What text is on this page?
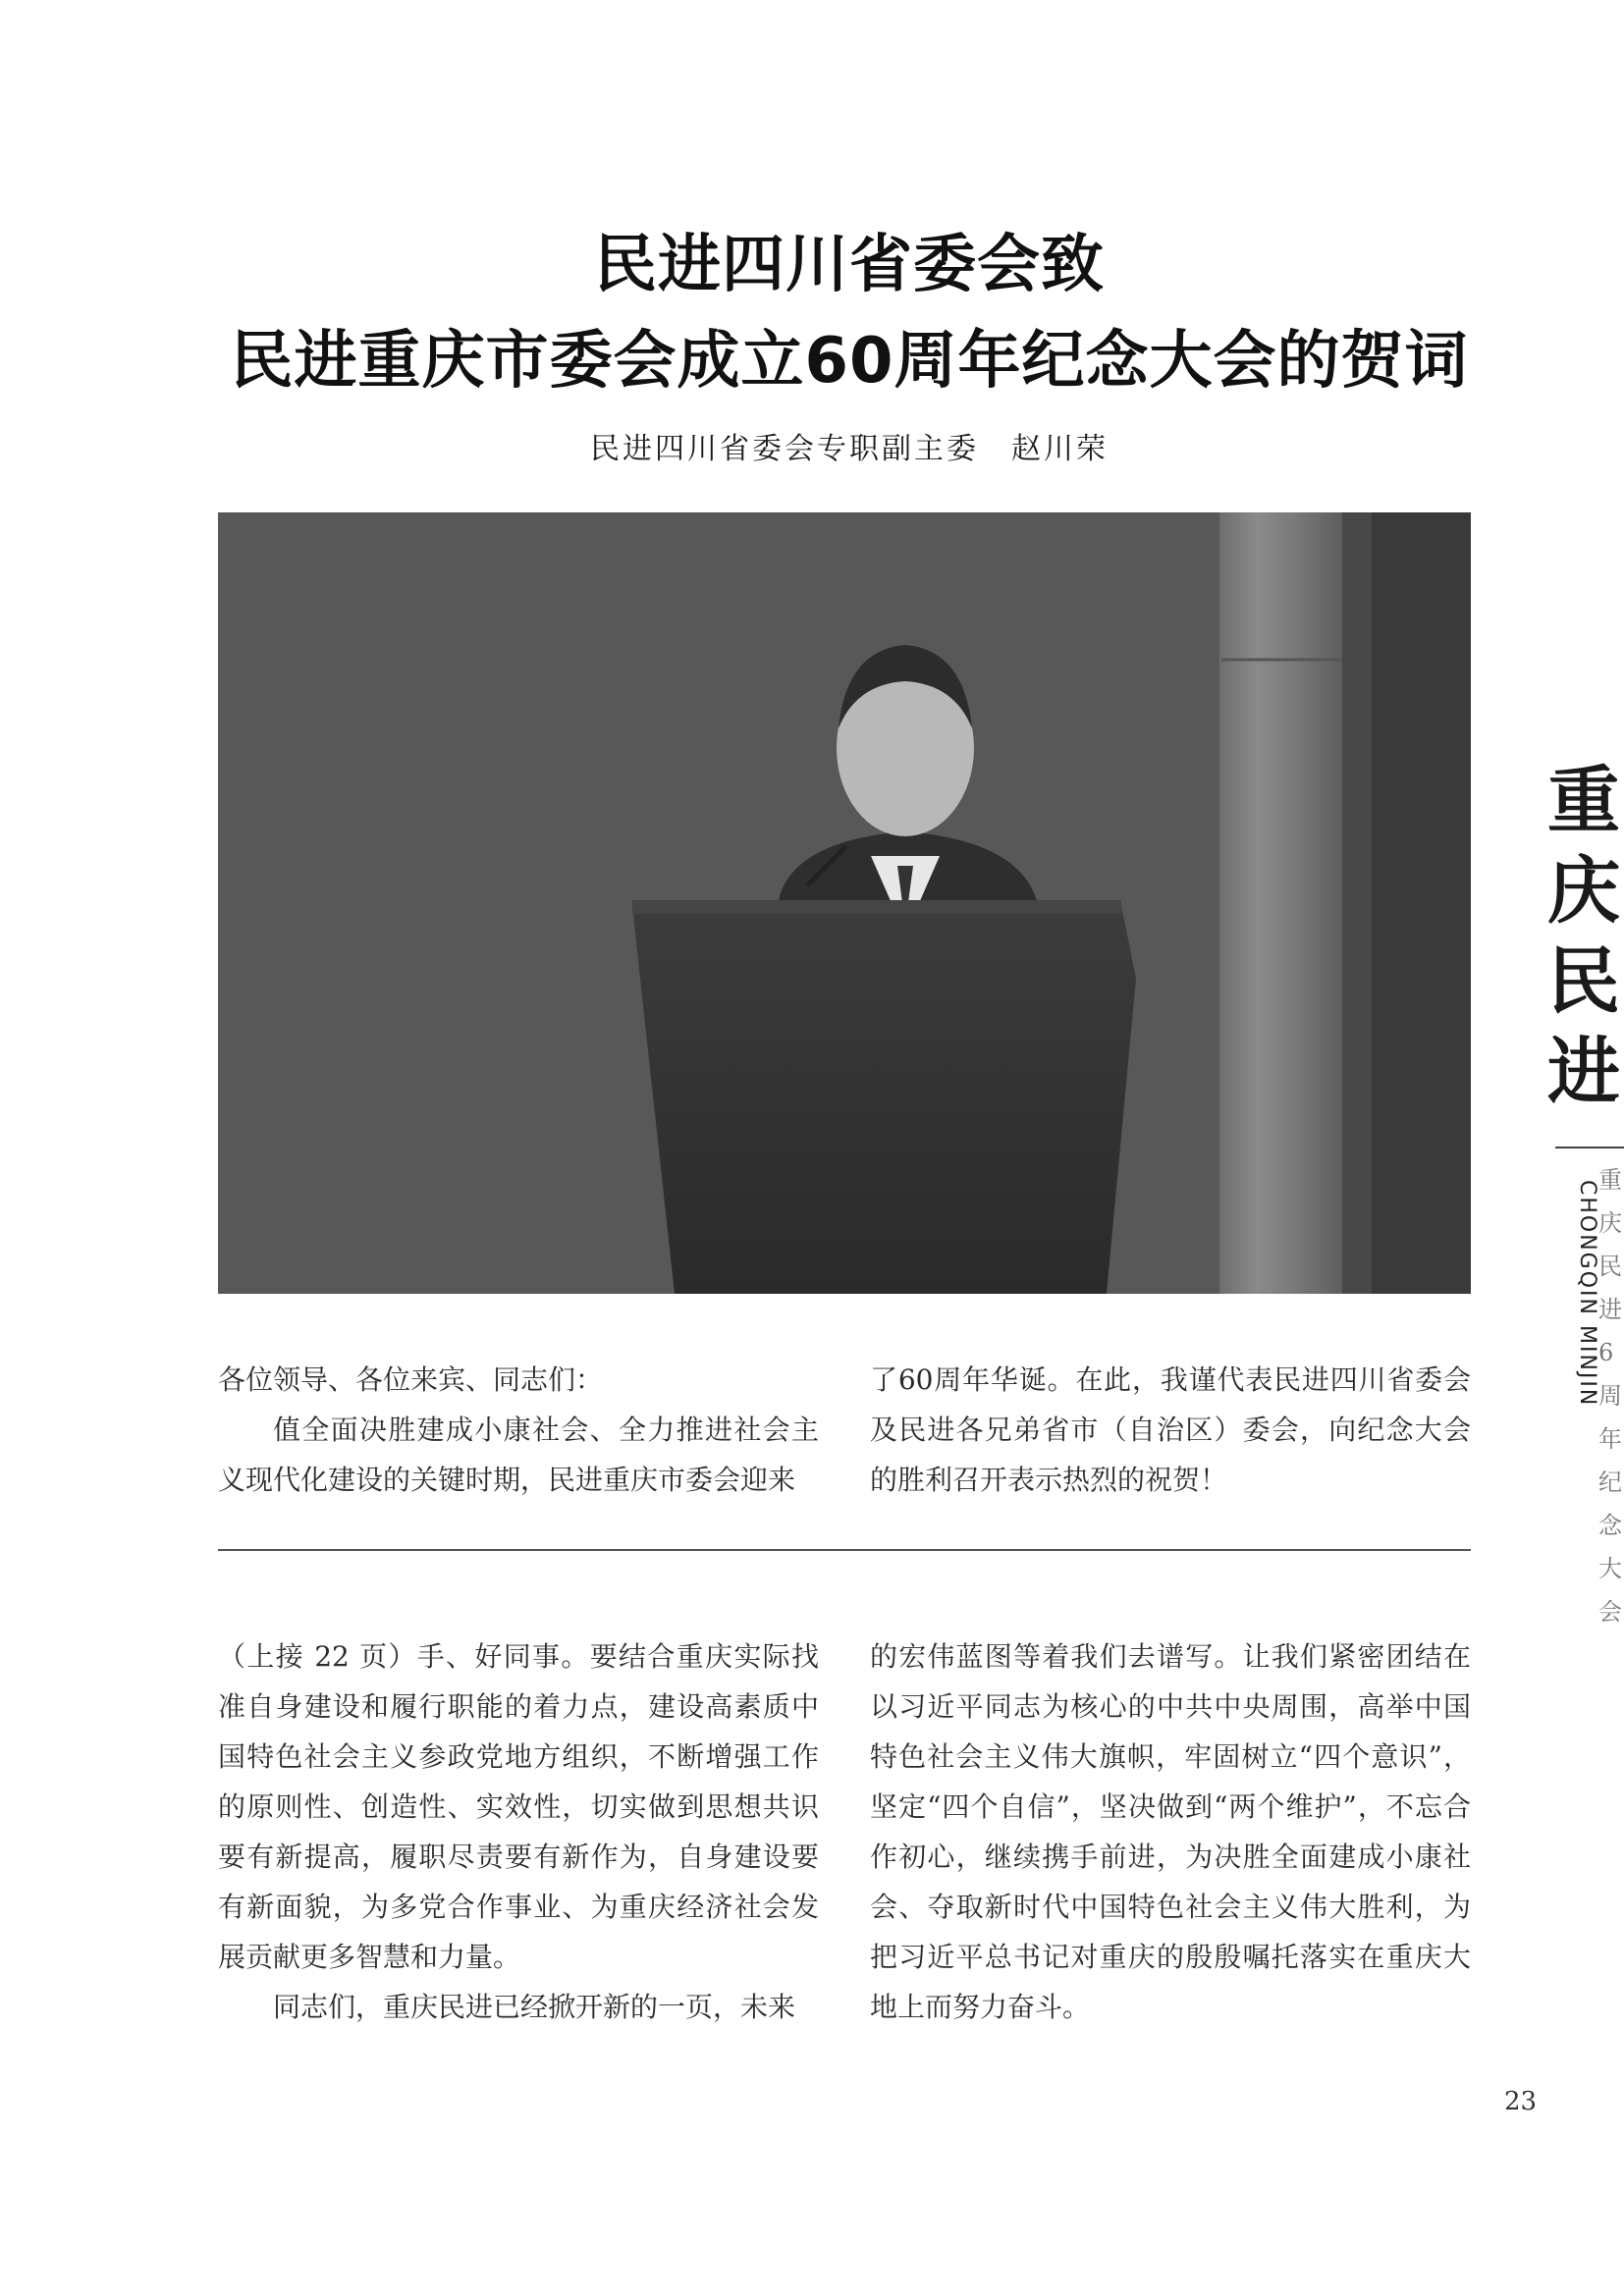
民进四川省委会致
民进重庆市委会成立60周年纪念大会的贺词
民进四川省委会专职副主委　赵川荣

各位领导、各位来宾、同志们：

值全面决胜建成小康社会、全力推进社会主义现代化建设的关键时期，民进重庆市委会迎来

了60周年华诞。在此，我谨代表民进四川省委会及民进各兄弟省市（自治区）委会，向纪念大会的胜利召开表示热烈的祝贺！

（上接 22 页）手、好同事。要结合重庆实际找准自身建设和履行职能的着力点，建设高素质中国特色社会主义参政党地方组织，不断增强工作的原则性、创造性、实效性，切实做到思想共识要有新提高，履职尽责要有新作为，自身建设要有新面貌，为多党合作事业、为重庆经济社会发展贡献更多智慧和力量。

同志们，重庆民进已经掀开新的一页，未来

的宏伟蓝图等着我们去谱写。让我们紧密团结在以习近平同志为核心的中共中央周围，高举中国特色社会主义伟大旗帜，牢固树立“四个意识”，坚定“四个自信”，坚决做到“两个维护”，不忘合作初心，继续携手前进，为决胜全面建成小康社会、夺取新时代中国特色社会主义伟大胜利，为把习近平总书记对重庆的殷殷嘱托落实在重庆大地上而努力奋斗。

重
庆
民
进
CHONGQIN MINJIN 重
庆
民
进
6
周
年
纪
念
大
会
23
